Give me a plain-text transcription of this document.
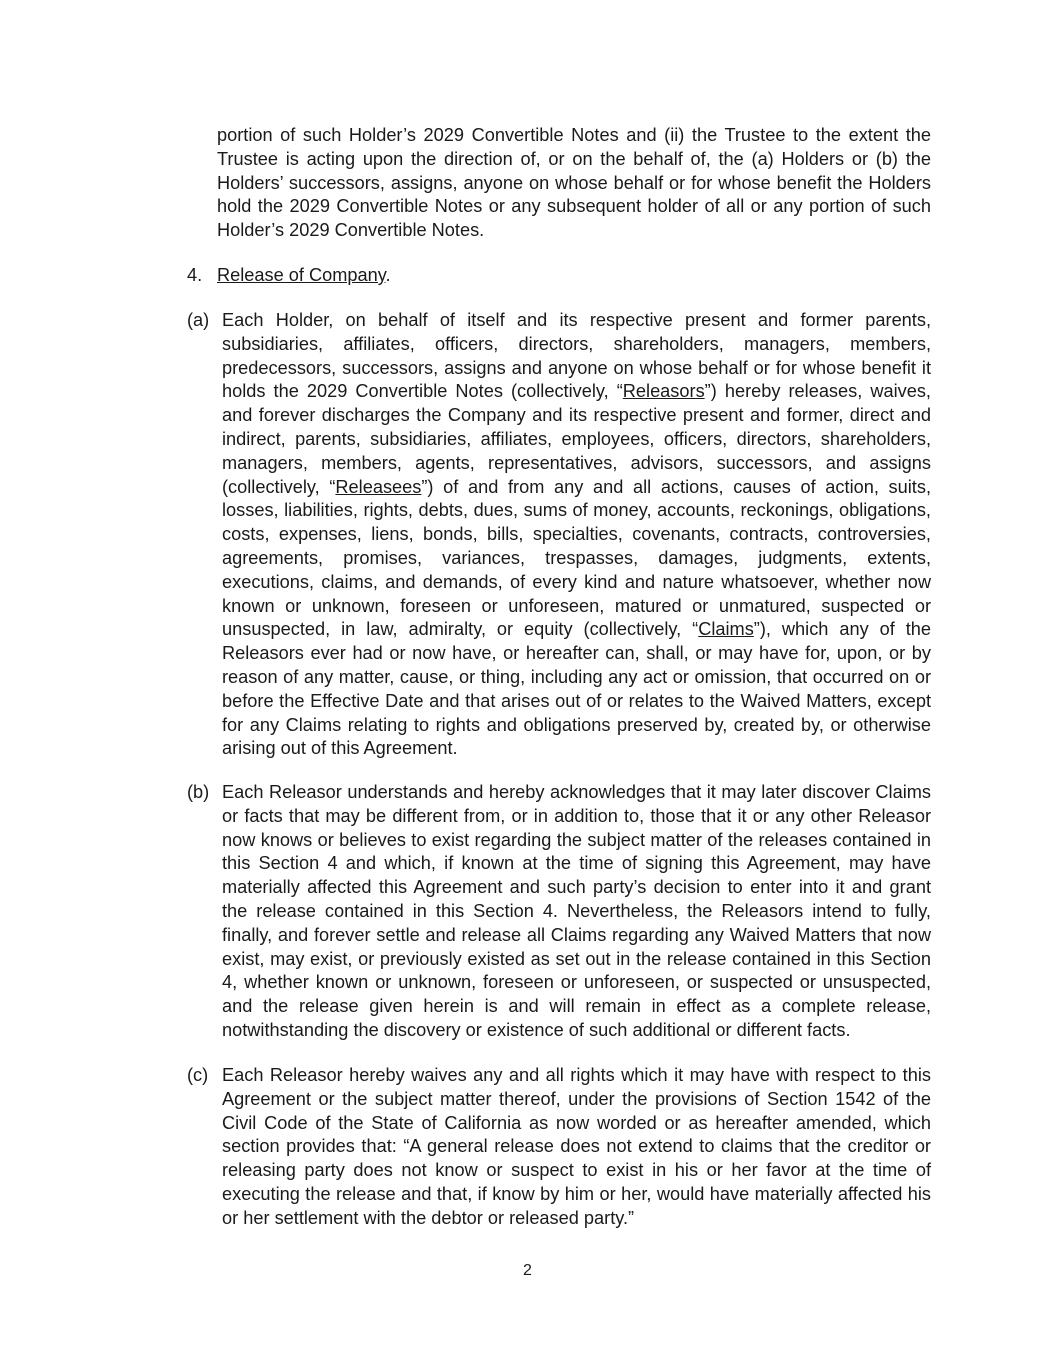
portion of such Holder’s 2029 Convertible Notes and (ii) the Trustee to the extent the Trustee is acting upon the direction of, or on the behalf of, the (a) Holders or (b) the Holders’ successors, assigns, anyone on whose behalf or for whose benefit the Holders hold the 2029 Convertible Notes or any subsequent holder of all or any portion of such Holder’s 2029 Convertible Notes.

4. Release of Company.

(a) Each Holder, on behalf of itself and its respective present and former parents, subsidiaries, affiliates, officers, directors, shareholders, managers, members, predecessors, successors, assigns and anyone on whose behalf or for whose benefit it holds the 2029 Convertible Notes (collectively, “Releasors”) hereby releases, waives, and forever discharges the Company and its respective present and former, direct and indirect, parents, subsidiaries, affiliates, employees, officers, directors, shareholders, managers, members, agents, representatives, advisors, successors, and assigns (collectively, “Releasees”) of and from any and all actions, causes of action, suits, losses, liabilities, rights, debts, dues, sums of money, accounts, reckonings, obligations, costs, expenses, liens, bonds, bills, specialties, covenants, contracts, controversies, agreements, promises, variances, trespasses, damages, judgments, extents, executions, claims, and demands, of every kind and nature whatsoever, whether now known or unknown, foreseen or unforeseen, matured or unmatured, suspected or unsuspected, in law, admiralty, or equity (collectively, “Claims”), which any of the Releasors ever had or now have, or hereafter can, shall, or may have for, upon, or by reason of any matter, cause, or thing, including any act or omission, that occurred on or before the Effective Date and that arises out of or relates to the Waived Matters, except for any Claims relating to rights and obligations preserved by, created by, or otherwise arising out of this Agreement.
(b) Each Releasor understands and hereby acknowledges that it may later discover Claims or facts that may be different from, or in addition to, those that it or any other Releasor now knows or believes to exist regarding the subject matter of the releases contained in this Section 4 and which, if known at the time of signing this Agreement, may have materially affected this Agreement and such party’s decision to enter into it and grant the release contained in this Section 4. Nevertheless, the Releasors intend to fully, finally, and forever settle and release all Claims regarding any Waived Matters that now exist, may exist, or previously existed as set out in the release contained in this Section 4, whether known or unknown, foreseen or unforeseen, or suspected or unsuspected, and the release given herein is and will remain in effect as a complete release, notwithstanding the discovery or existence of such additional or different facts.
(c) Each Releasor hereby waives any and all rights which it may have with respect to this Agreement or the subject matter thereof, under the provisions of Section 1542 of the Civil Code of the State of California as now worded or as hereafter amended, which section provides that: “A general release does not extend to claims that the creditor or releasing party does not know or suspect to exist in his or her favor at the time of executing the release and that, if know by him or her, would have materially affected his or her settlement with the debtor or released party.”
2
